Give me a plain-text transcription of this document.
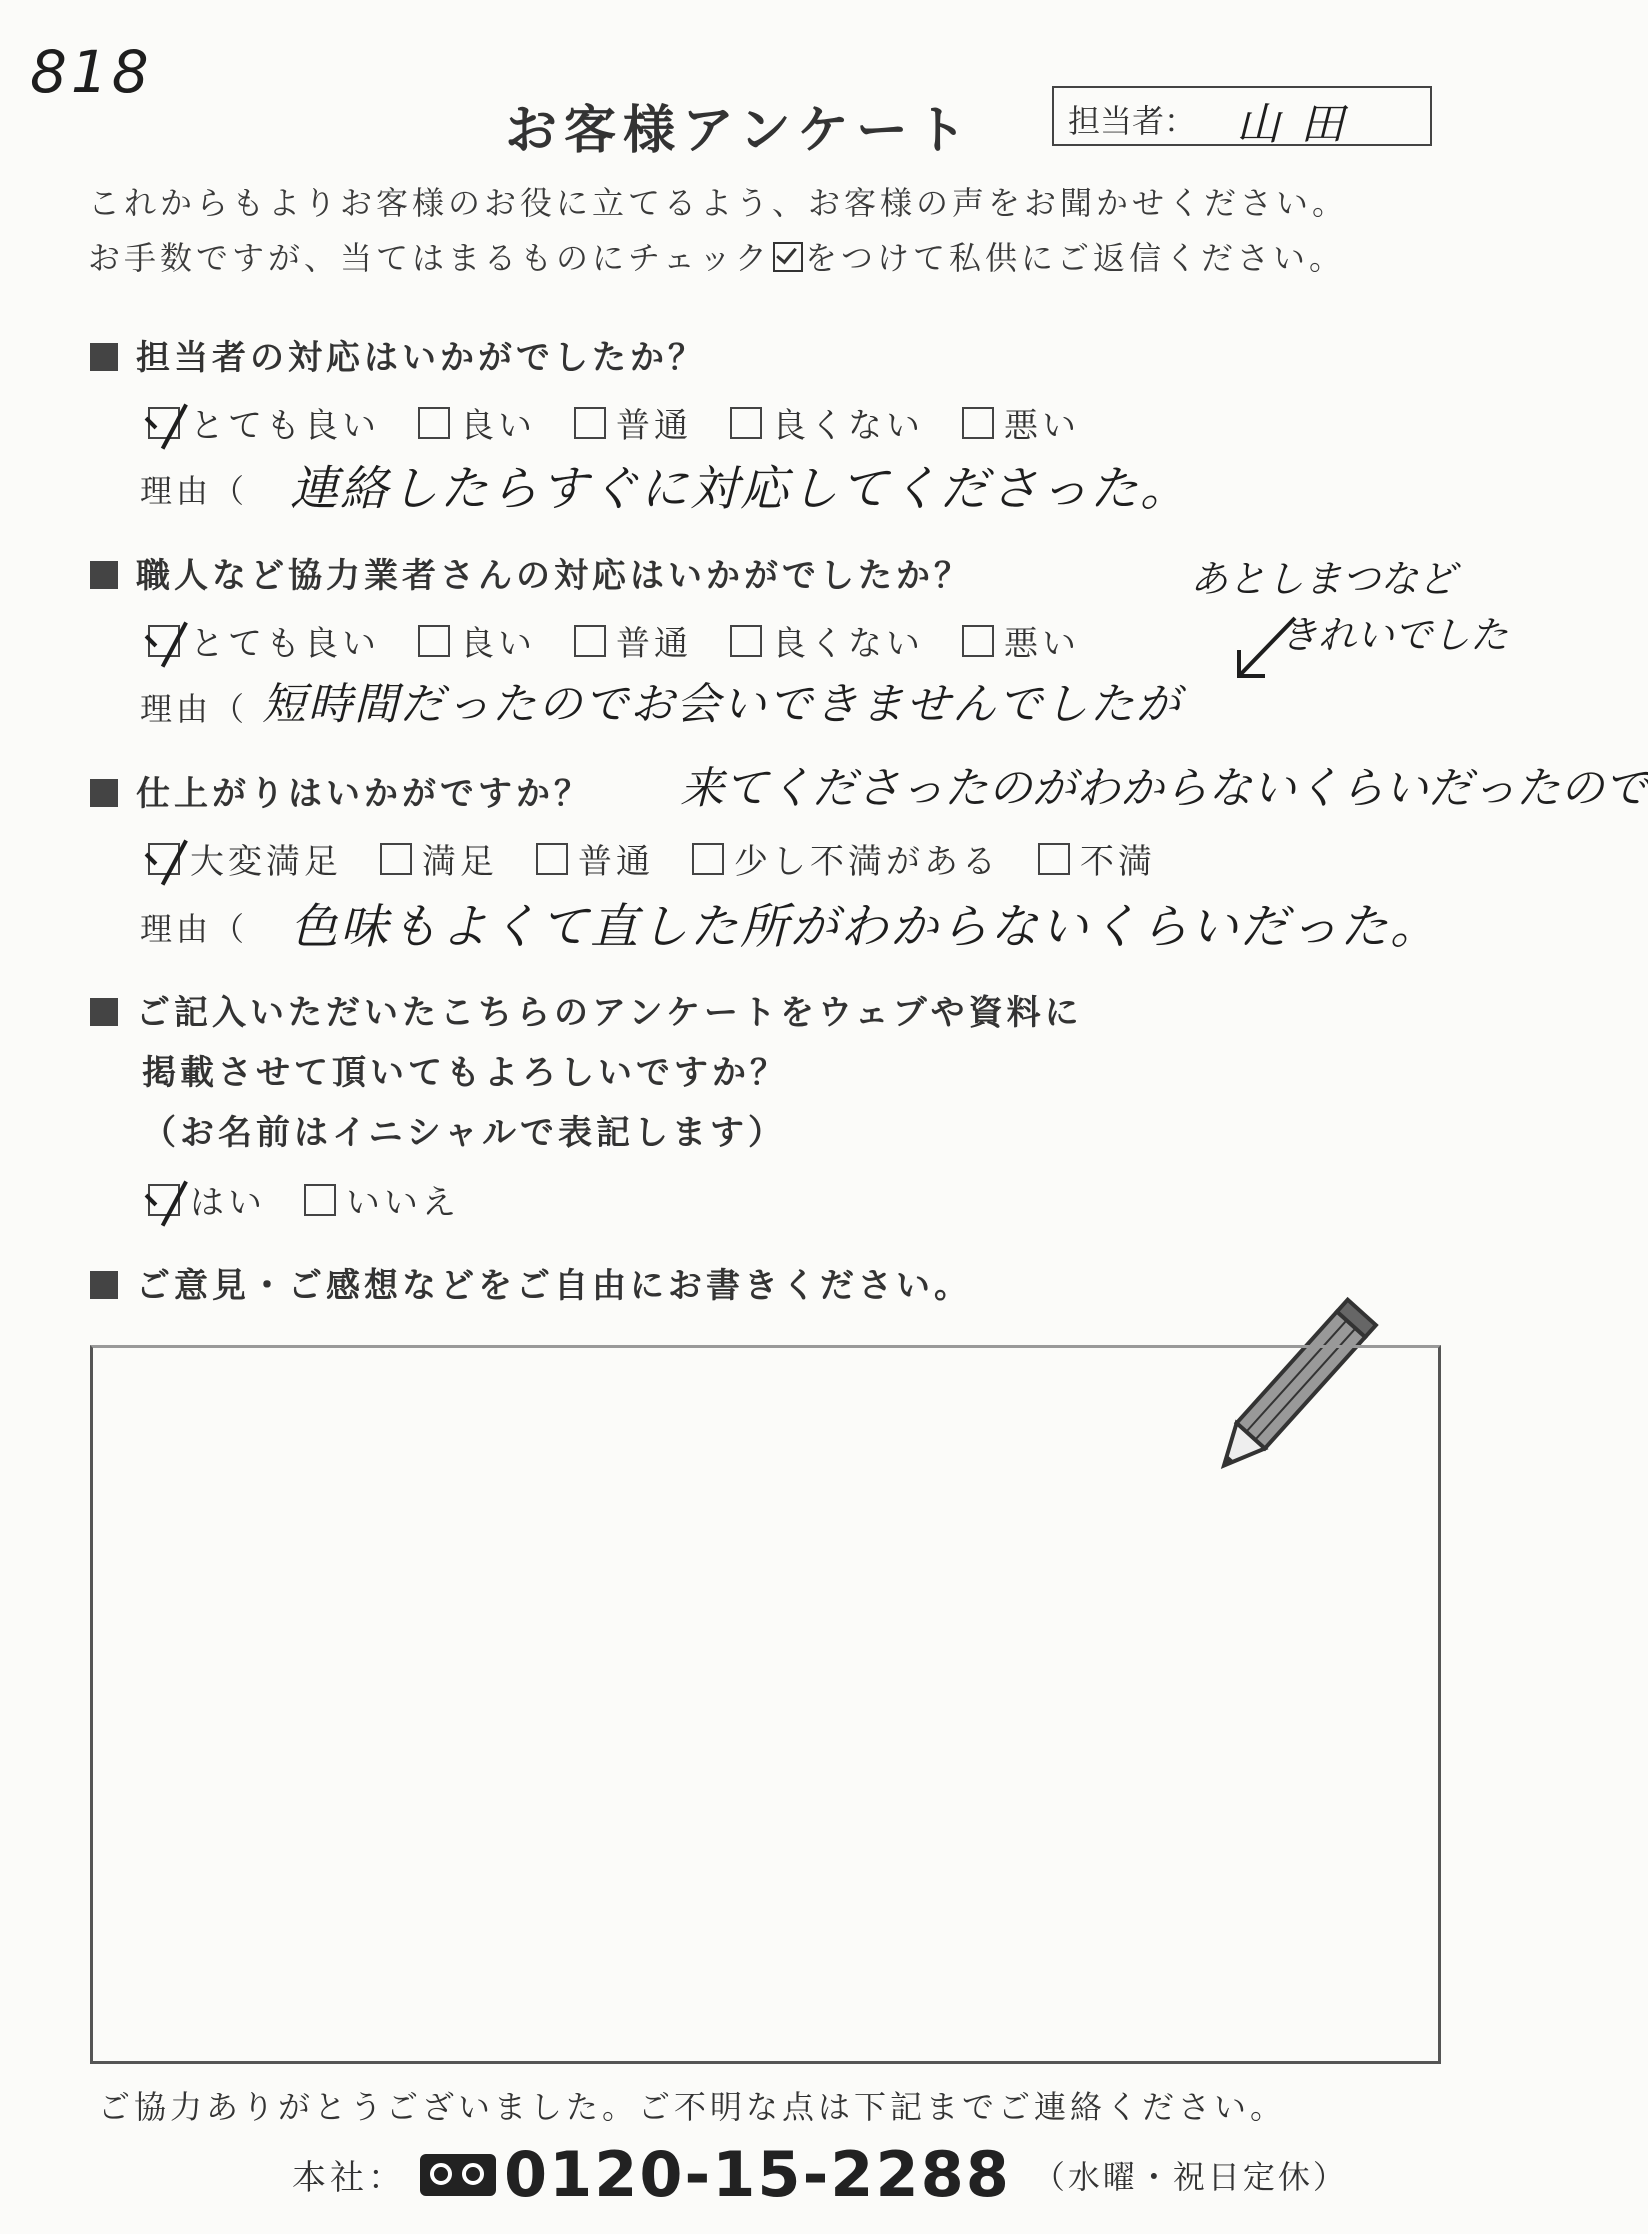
818
お客様アンケート	担当者： 山田
これからもよりお客様のお役に立てるよう、お客様の声をお聞かせください。
お手数ですが、当てはまるものにチェック をつけて私供にご返信ください。
担当者の対応はいかがでしたか？
とても良い 良い 普通 良くない 悪い
理由（ 連絡したらすぐに対応してくださった。
職人など協力業者さんの対応はいかがでしたか？	あとしまつなど
きれいでした
とても良い 良い 普通 良くない 悪い
理由（ 短時間だったのでお会いできませんでしたが
仕上がりはいかがですか？ 来てくださったのがわからないくらいだったので
大変満足 満足 普通 少し不満がある 不満
理由（ 色味もよくて直した所がわからないくらいだった。
ご記入いただいたこちらのアンケートをウェブや資料に
掲載させて頂いてもよろしいですか？
（お名前はイニシャルで表記します）
はい いいえ
ご意見・ご感想などをご自由にお書きください。
ご協力ありがとうございました。ご不明な点は下記までご連絡ください。
本社： 0120-15-2288 （水曜・祝日定休）
